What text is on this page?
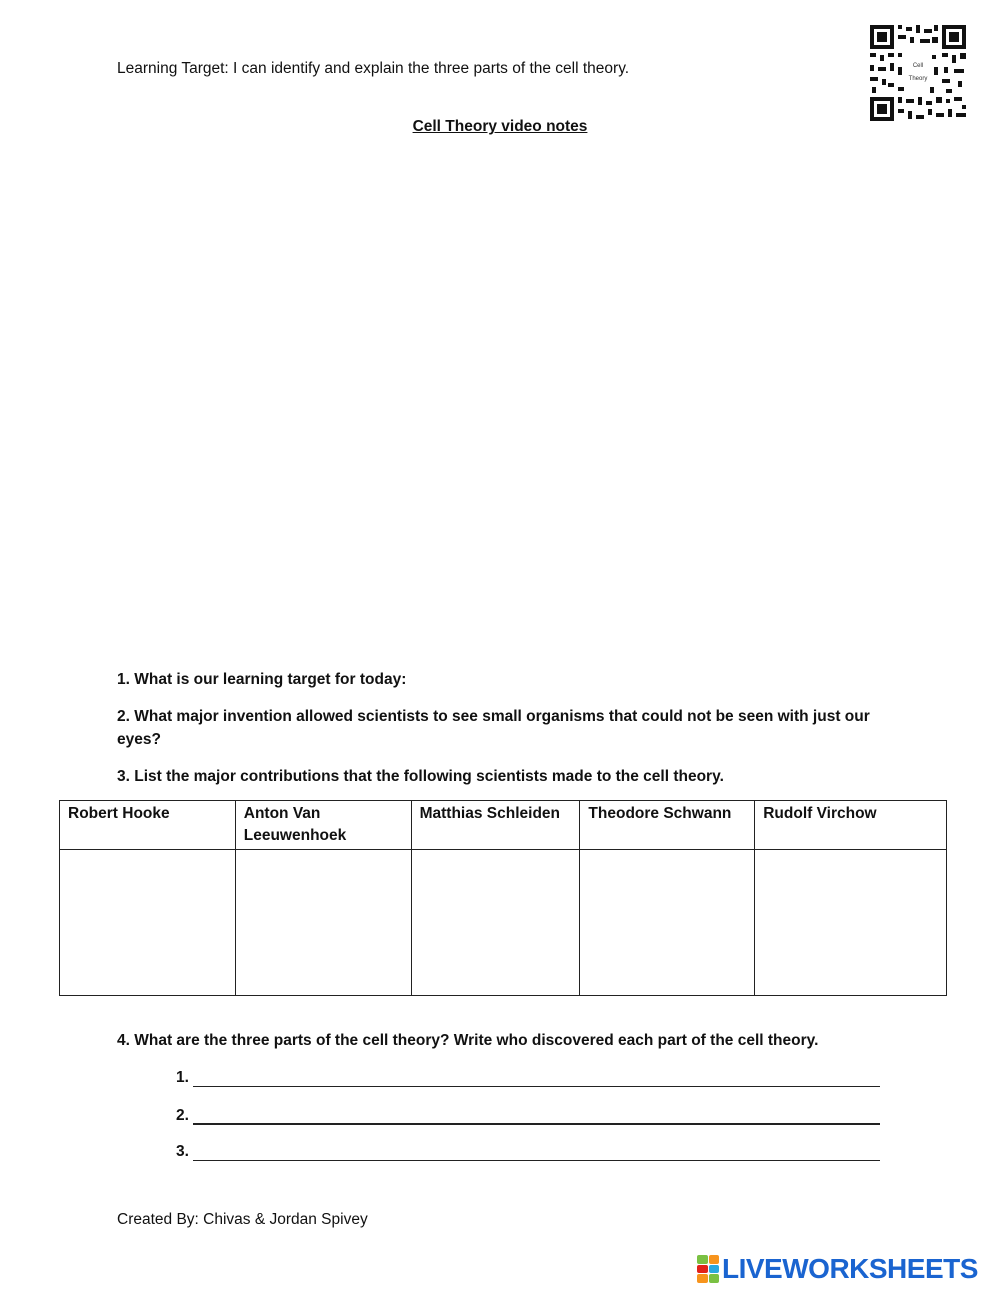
Learning Target: I can identify and explain the three parts of the cell theory.	Cell
Theory
Cell Theory video notes
1. What is our learning target for today:
2. What major invention allowed scientists to see small organisms that could not be seen with just our eyes?
3. List the major contributions that the following scientists made to the cell theory.
Robert Hooke	Anton Van Leeuwenhoek	Matthias Schleiden	Theodore Schwann	Rudolf Virchow

4. What are the three parts of the cell theory? Write who discovered each part of the cell theory.
1.
2.
3.
Created By: Chivas & Jordan Spivey
LIVEWORKSHEETS
